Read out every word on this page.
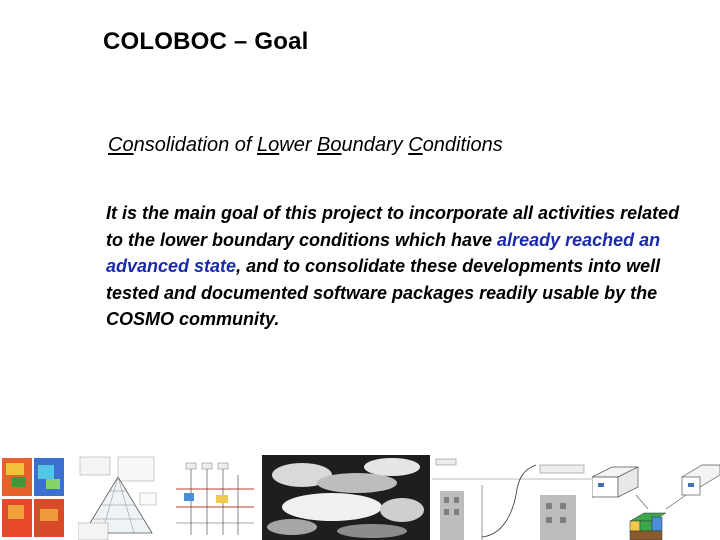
COLOBOC – Goal
Consolidation of Lower Boundary Conditions
It is the main goal of this project to incorporate all activities related to the lower boundary conditions which have already reached an advanced state, and to consolidate these developments into well tested and documented software packages readily usable by the COSMO community.
